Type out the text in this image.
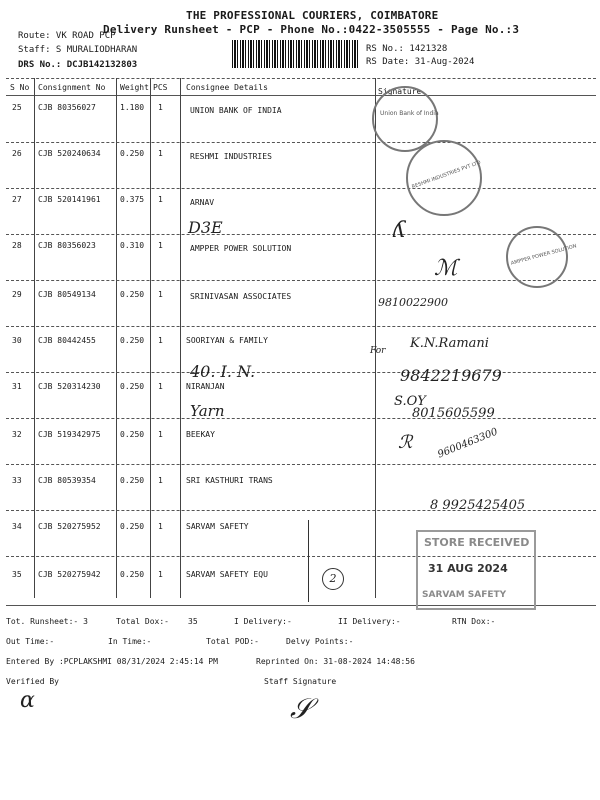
THE PROFESSIONAL COURIERS, COIMBATORE
Delivery Runsheet - PCP - Phone No.:0422-3505555 - Page No.:3
Route: VK ROAD PCP
Staff: S MURALIODHARAN
DRS No.: DCJB142132803
RS No.: 1421328
RS Date: 31-Aug-2024
S No Consignment No Weight PCS Consignee Details	Signature
25 CJB 80356027	1.180 1	UNION BANK OF INDIA
26 CJB 520240634 0.250 1	RESHMI INDUSTRIES
27 CJB 520141961 0.375 1	ARNAV
28 CJB 80356023	0.310 1	AMPPER POWER SOLUTION
29 CJB 80549134	0.250 1	SRINIVASAN ASSOCIATES
30 CJB 80442455	0.250 1	SOORIYAN & FAMILY
31 CJB 520314230 0.250 1	NIRANJAN
32 CJB 519342975 0.250 1	BEEKAY
33 CJB 80539354	0.250 1	SRI KASTHURI TRANS
34 CJB 520275952 0.250 1	SARVAM SAFETY
35 CJB 520275942 0.250 1	SARVAM SAFETY EQU
Union Bank of India
RESHMI INDUSTRIES PVT LTD
AMPPER POWER SOLUTION
D3E	ʎ
ℳ
9810022900
For K.N.Ramani
40. I. N.	9842219679
Yarn
S.OY
8015605599
ℛ 9600463300
8 9925425405
2
STORE RECEIVED
31 AUG 2024
SARVAM SAFETY
Tot. Runsheet:- 3	Total Dox:- 35	I Delivery:-	II Delivery:-	RTN Dox:-
Out Time:-	In Time:-	Total POD:-	Delvy Points:-
Entered By :PCPLAKSHMI 08/31/2024 2:45:14 PM	Reprinted On: 31-08-2024 14:48:56
Verified By	Staff Signature
ɑ	𝒮
